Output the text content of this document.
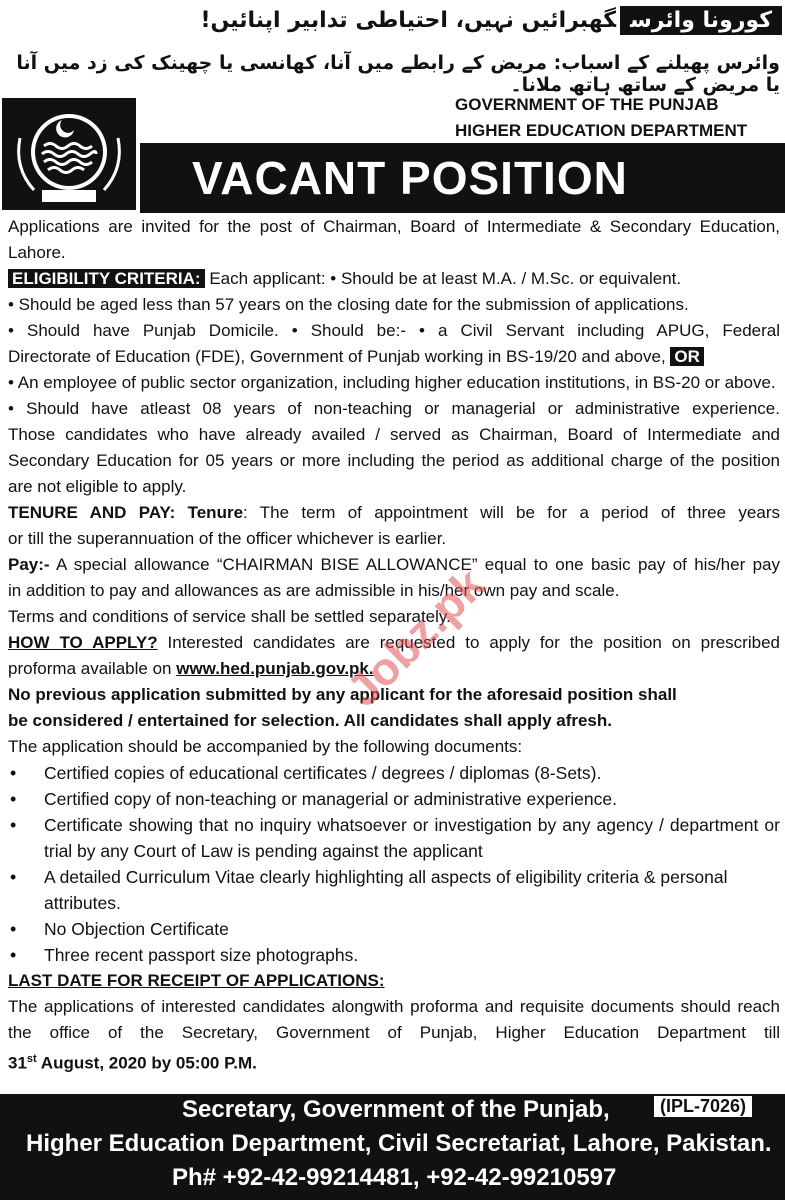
کورونا وائرسگھبرائیں نہیں، احتیاطی تدابیر اپنائیں!
وائرس پھیلنے کے اسباب: مریض کے رابطے میں آنا، کھانسی یا چھینک کی زد میں آنا یا مریض کے ساتھ ہاتھ ملانا۔
GOVERNMENT OF THE PUNJAB
HIGHER EDUCATION DEPARTMENT
VACANT POSITION
Applications are invited for the post of Chairman, Board of Intermediate & Secondary Education,
Lahore.
ELIGIBILITY CRITERIA: Each applicant: • Should be at least M.A. / M.Sc. or equivalent.
• Should be aged less than 57 years on the closing date for the submission of applications.
• Should have Punjab Domicile. • Should be:- • a Civil Servant including APUG, Federal
Directorate of Education (FDE), Government of Punjab working in BS-19/20 and above, OR
• An employee of public sector organization, including higher education institutions, in BS-20 or above.
• Should have atleast 08 years of non-teaching or managerial or administrative experience.
Those candidates who have already availed / served as Chairman, Board of Intermediate and
Secondary Education for 05 years or more including the period as additional charge of the position
are not eligible to apply.
TENURE AND PAY: Tenure: The term of appointment will be for a period of three years
or till the superannuation of the officer whichever is earlier.
Pay:- A special allowance “CHAIRMAN BISE ALLOWANCE” equal to one basic pay of his/her pay
in addition to pay and allowances as are admissible in his/her own pay and scale.
Terms and conditions of service shall be settled separately.
HOW TO APPLY? Interested candidates are requested to apply for the position on prescribed
proforma available on www.hed.punjab.gov.pk.
No previous application submitted by any applicant for the aforesaid position shall
be considered / entertained for selection. All candidates shall apply afresh.
The application should be accompanied by the following documents:
•	Certified copies of educational certificates / degrees / diplomas (8-Sets).
•	Certified copy of non-teaching or managerial or administrative experience.
•	Certificate showing that no inquiry whatsoever or investigation by any agency / department or trial by any Court of Law is pending against the applicant
•	A detailed Curriculum Vitae clearly highlighting all aspects of eligibility criteria & personal attributes.
•	No Objection Certificate
•	Three recent passport size photographs.
LAST DATE FOR RECEIPT OF APPLICATIONS:
The applications of interested candidates alongwith proforma and requisite documents should reach
the office of the Secretary, Government of Punjab, Higher Education Department till
31st August, 2020 by 05:00 P.M.
Jobz.pk
Secretary, Government of the Punjab,	(IPL-7026)
Higher Education Department, Civil Secretariat, Lahore, Pakistan.
Ph# +92-42-99214481, +92-42-99210597
